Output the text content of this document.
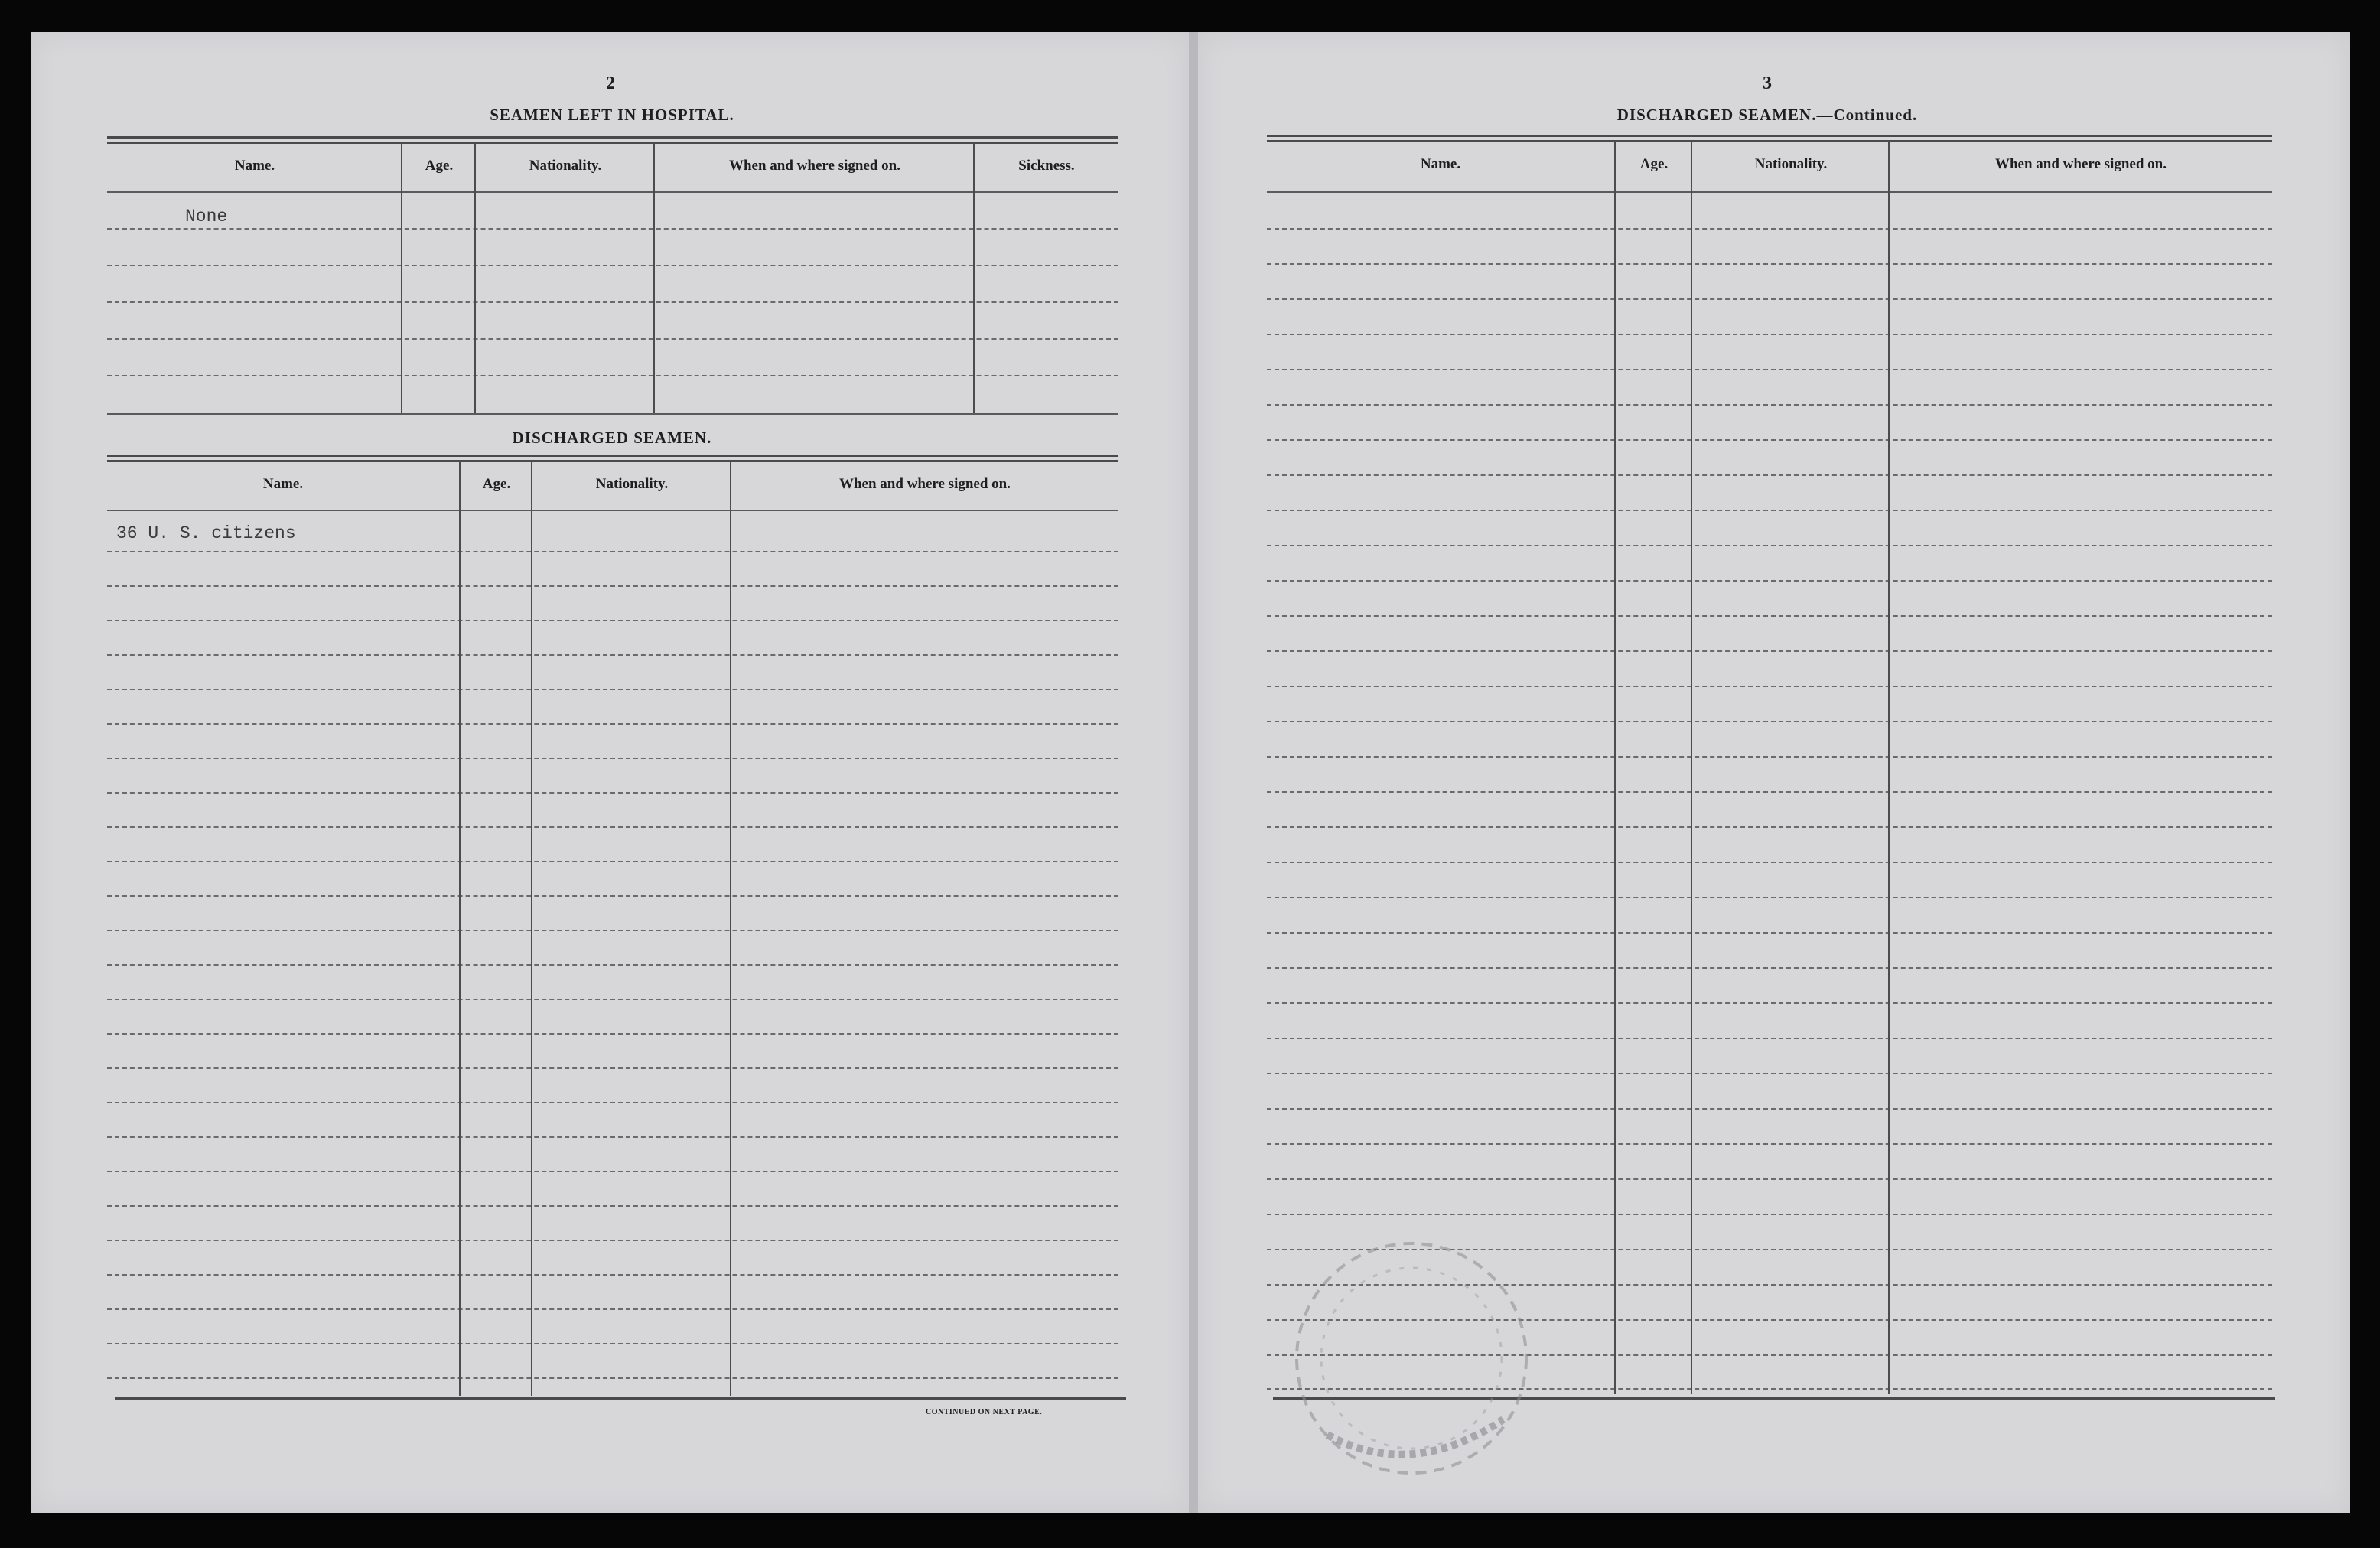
2
SEAMEN LEFT IN HOSPITAL.
Name.	Age.	Nationality.	When and where signed on.	Sickness.
None
DISCHARGED SEAMEN.
Name.	Age.	Nationality.	When and where signed on.
36 U. S. citizens
CONTINUED ON NEXT PAGE.
3
DISCHARGED SEAMEN.—Continued.
Name.	Age.	Nationality.	When and where signed on.
